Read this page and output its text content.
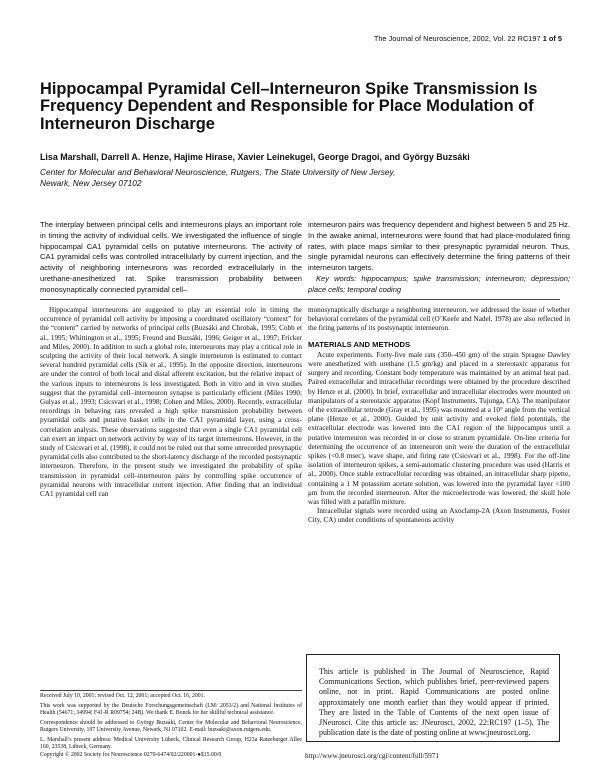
The Journal of Neuroscience, 2002, Vol. 22 RC197 1 of 5
Hippocampal Pyramidal Cell–Interneuron Spike Transmission Is Frequency Dependent and Responsible for Place Modulation of Interneuron Discharge
Lisa Marshall, Darrell A. Henze, Hajime Hirase, Xavier Leinekugel, George Dragoi, and György Buzsáki
Center for Molecular and Behavioral Neuroscience, Rutgers, The State University of New Jersey, Newark, New Jersey 07102

The interplay between principal cells and interneurons plays an important role in timing the activity of individual cells. We investigated the influence of single hippocampal CA1 pyramidal cells on putative interneurons. The activity of CA1 pyramidal cells was controlled intracellularly by current injection, and the activity of neighboring interneurons was recorded extracellularly in the urethane-anesthetized rat. Spike transmission probability between monosynaptically connected pyramidal cell–

interneuron pairs was frequency dependent and highest between 5 and 25 Hz. In the awake animal, interneurons were found that had place-modulated firing rates, with place maps similar to their presynaptic pyramidal neuron. Thus, single pyramidal neurons can effectively determine the firing patterns of their interneuron targets.
Key words: hippocampus; spike transmission; interneuron; depression; place cells; temporal coding

Hippocampal interneurons are suggested to play an essential role in timing the occurrence of pyramidal cell activity by imposing a coordinated oscillatory “context” for the “content” carried by networks of principal cells (Buzsáki and Chrobak, 1995; Cobb et al., 1995; Whittington et al., 1995; Freund and Buzsáki, 1996; Geiger et al., 1997; Fricker and Miles, 2000). In addition to such a global role, interneurons may play a critical role in sculpting the activity of their local network. A single interneuron is estimated to contact several hundred pyramidal cells (Sik et al., 1995). In the opposite direction, interneurons are under the control of both local and distal afferent excitation, but the relative impact of the various inputs to interneurons is less investigated. Both in vitro and in vivo studies suggest that the pyramidal cell–interneuron synapse is particularly efficient (Miles 1990; Gulyas et al., 1993; Csicsvari et al., 1998; Cohen and Miles, 2000). Recently, extracellular recordings in behaving rats revealed a high spike transmission probability between pyramidal cells and putative basket cells in the CA1 pyramidal layer, using a cross-correlation analysis. These observations suggested that even a single CA1 pyramidal cell can exert an impact on network activity by way of its target interneurons. However, in the study of Csicsvari et al. (1998), it could not be ruled out that some unrecorded presynaptic pyramidal cells also contributed to the short-latency discharge of the recorded postsynaptic interneuron. Therefore, in the present study we investigated the probability of spike transmission in pyramidal cell–interneuron pairs by controlling spike occurrence of pyramidal neurons with intracellular current injection. After finding that an individual CA1 pyramidal cell can

monosynaptically discharge a neighboring interneuron, we addressed the issue of whether behavioral correlates of the pyramidal cell (O’Keefe and Nadel, 1978) are also reflected in the firing patterns of its postsynaptic interneuron.

MATERIALS AND METHODS

Acute experiments. Forty-five male rats (350–450 gm) of the strain Sprague Dawley were anesthetized with urethane (1.5 gm/kg) and placed in a stereotaxic apparatus for surgery and recording. Constant body temperature was maintained by an animal heat pad. Paired extracellular and intracellular recordings were obtained by the procedure described by Henze et al. (2000). In brief, extracellular and intracellular electrodes were mounted on manipulators of a stereotaxic apparatus (Kopf Instruments, Tujunga, CA). The manipulator of the extracellular tetrode (Gray et al., 1995) was mounted at a 10° angle from the vertical plane (Henze et al., 2000). Guided by unit activity and evoked field potentials, the extracellular electrode was lowered into the CA1 region of the hippocampus until a putative interneuron was recorded in or close to stratum pyramidale. On-line criteria for determining the occurrence of an interneuron unit were the duration of the extracellular spikes (<0.8 msec), wave shape, and firing rate (Csicsvari et al., 1998). For the off-line isolation of interneuron spikes, a semi-automatic clustering procedure was used (Harris et al., 2000). Once stable extracellular recording was obtained, an intracellular sharp pipette, containing a 1 M potassium acetate solution, was lowered into the pyramidal layer <100 μm from the recorded interneuron. After the microelectrode was lowered, the skull hole was filled with a paraffin mixture.

Intracellular signals were recorded using an Axoclamp-2A (Axon Instruments, Foster City, CA) under conditions of spontaneous activity

Received July 10, 2001; revised Oct. 12, 2001; accepted Oct. 16, 2001.

This work was supported by the Deutsche Forschungsgemeinschaft (LM/ 2053/2) and National Institutes of Health (54671; 34994; F41-R R09754; 24B). We thank E. Bonck for her skillful technical assistance.

Correspondence should be addressed to György Buzsáki, Center for Molecular and Behavioral Neuroscience, Rutgers University, 197 University Avenue, Newark, NJ 07102. E-mail: buzsaki@axon.rutgers.edu.

L. Marshall’s present address: Medical University Lübeck, Clinical Research Group, H23a Ratzeburger Allee 160, 23538, Lübeck, Germany.

Copyright © 2002 Society for Neuroscience 0270-6474/02/220001-●$15.00/0
This article is published in The Journal of Neuroscience, Rapid Communications Section, which publishes brief, peer-reviewed papers online, not in print. Rapid Communications are posted online approximately one month earlier than they would appear if printed. They are listed in the Table of Contents of the next open issue of JNeurosci. Cite this article as: JNeurosci, 2002, 22:RC197 (1–5). The publication date is the date of posting online at www.jneurosci.org.
http://www.jneurosci.org/cgi/content/full/5971
